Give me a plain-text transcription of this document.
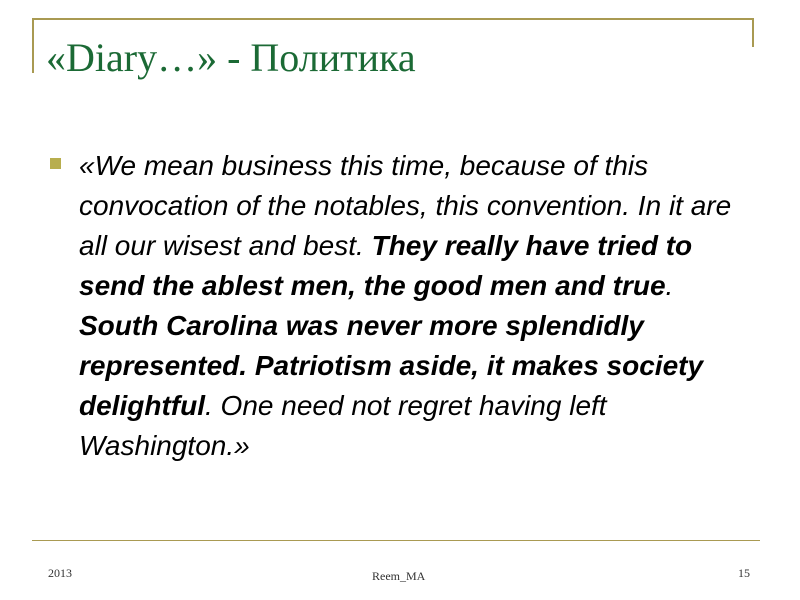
«Diary…» - Политика
«We mean business this time, because of this convocation of the notables, this convention. In it are all our wisest and best. They really have tried to send the ablest men, the good men and true. South Carolina was never more splendidly represented. Patriotism aside, it makes society delightful. One need not regret having left Washington.»
2013	Reem_MA	15
